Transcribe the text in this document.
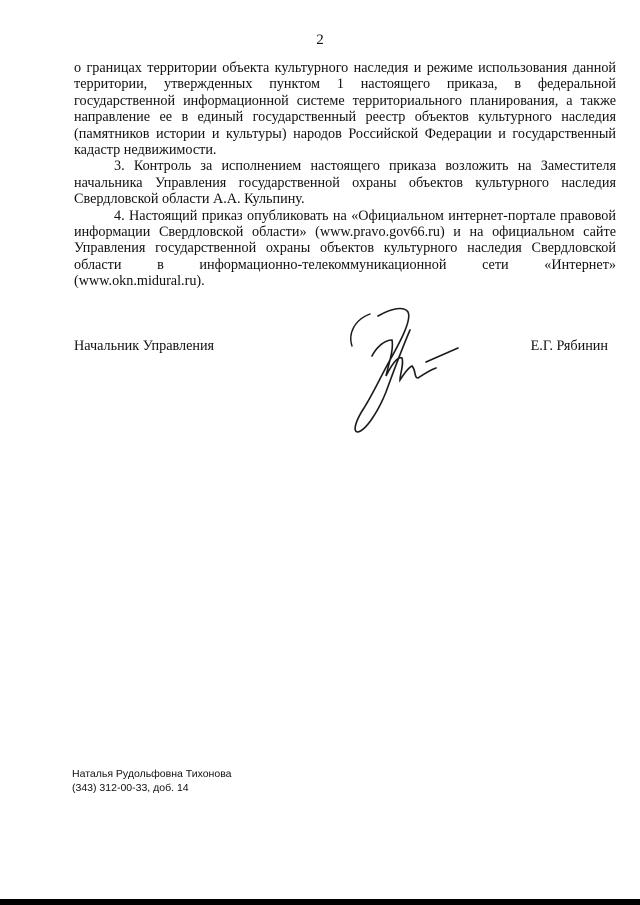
2

о границах территории объекта культурного наследия и режиме использования данной территории, утвержденных пунктом 1 настоящего приказа, в федеральной государственной информационной системе территориального планирования, а также направление ее в единый государственный реестр объектов культурного наследия (памятников истории и культуры) народов Российской Федерации и государственный кадастр недвижимости.

3. Контроль за исполнением настоящего приказа возложить на Заместителя начальника Управления государственной охраны объектов культурного наследия Свердловской области А.А. Кульпину.

4. Настоящий приказ опубликовать на «Официальном интернет-портале правовой информации Свердловской области» (www.pravo.gov66.ru) и на официальном сайте Управления государственной охраны объектов культурного наследия Свердловской области в информационно-телекоммуникационной сети «Интернет» (www.okn.midural.ru).

Начальник Управления	Е.Г. Рябинин
Наталья Рудольфовна Тихонова
(343) 312-00-33, доб. 14
